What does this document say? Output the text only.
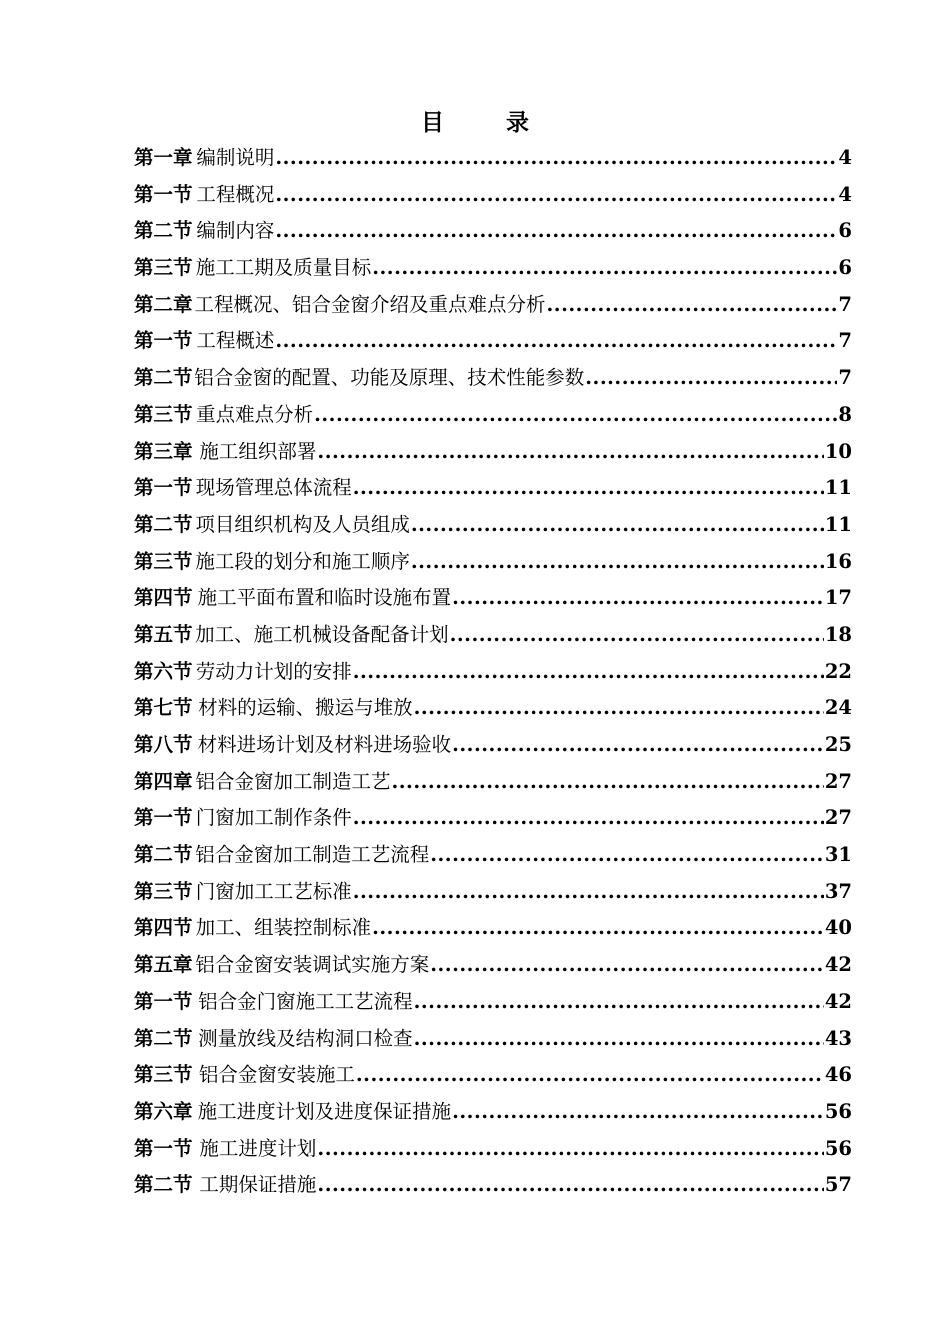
目	录
第一章 编制说明 .....	4
第一节 工程概况 .....	4
第二节 编制内容 .....	6
第三节 施工工期及质量目标 .....	6
第二章 工程概况、铝合金窗介绍及重点难点分析 .....	7
第一节 工程概述 .....	7
第二节 铝合金窗的配置、功能及原理、技术性能参数 .....	7
第三节 重点难点分析 .....	8
第三章 施工组织部署 .....	10
第一节 现场管理总体流程 .....	11
第二节 项目组织机构及人员组成 .....	11
第三节 施工段的划分和施工顺序 .....	16
第四节 施工平面布置和临时设施布置 .....	17
第五节 加工、施工机械设备配备计划 .....	18
第六节 劳动力计划的安排 .....	22
第七节 材料的运输、搬运与堆放 .....	24
第八节 材料进场计划及材料进场验收 .....	25
第四章 铝合金窗加工制造工艺 .....	27
第一节 门窗加工制作条件 .....	27
第二节 铝合金窗加工制造工艺流程 .....	31
第三节 门窗加工工艺标准 .....	37
第四节 加工、组装控制标准 .....	40
第五章 铝合金窗安装调试实施方案 .....	42
第一节 铝合金门窗施工工艺流程 .....	42
第二节 测量放线及结构洞口检查 .....	43
第三节 铝合金窗安装施工 .....	46
第六章 施工进度计划及进度保证措施 .....	56
第一节 施工进度计划 .....	56
第二节 工期保证措施 .....	57
